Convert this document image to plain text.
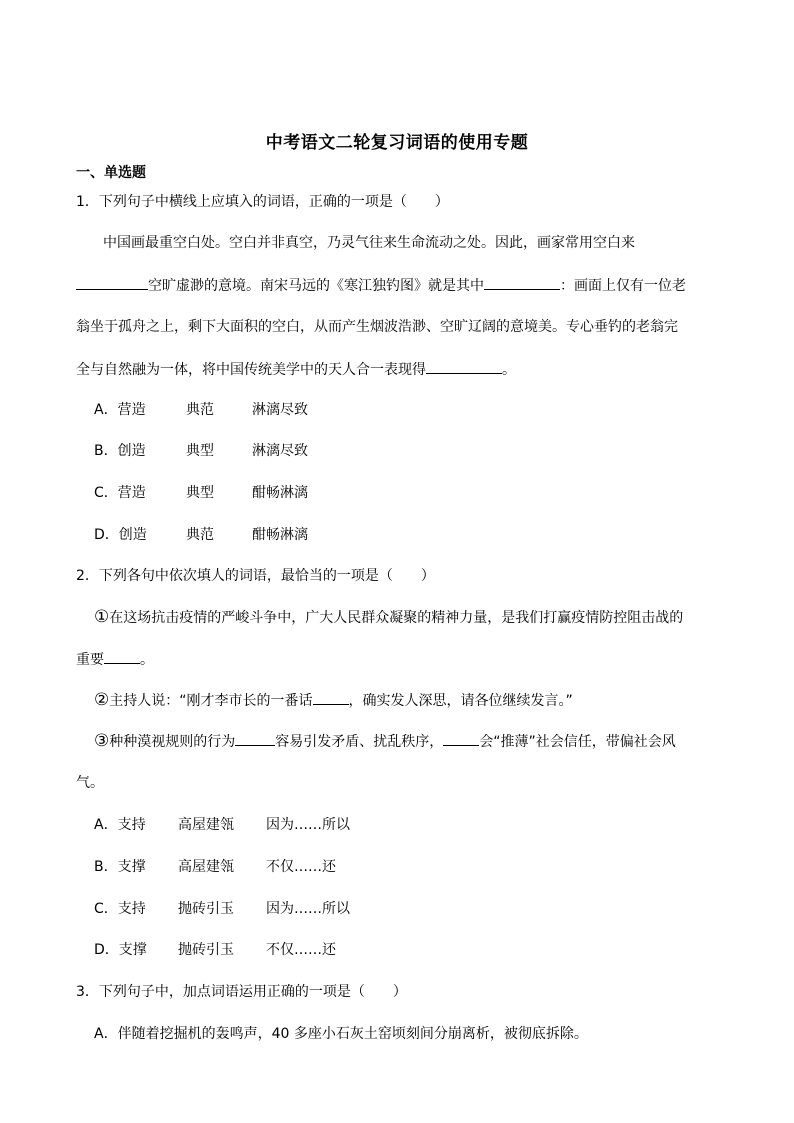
中考语文二轮复习词语的使用专题
一、单选题
1．下列句子中横线上应填入的词语，正确的一项是（　　）
中国画最重空白处。空白并非真空，乃灵气往来生命流动之处。因此，画家常用空白来
空旷虚渺的意境。南宋马远的《寒江独钓图》就是其中	：画面上仅有一位老
翁坐于孤舟之上，剩下大面积的空白，从而产生烟波浩渺、空旷辽阔的意境美。专心垂钓的老翁完
全与自然融为一体，将中国传统美学中的天人合一表现得	。
A．营造	典范	淋漓尽致
B．创造	典型	淋漓尽致
C．营造	典型	酣畅淋漓
D．创造	典范	酣畅淋漓
2．下列各句中依次填人的词语，最恰当的一项是（　　）
①在这场抗击疫情的严峻斗争中，广大人民群众凝聚的精神力量，是我们打赢疫情防控阻击战的
重要	。
②主持人说：“刚才李市长的一番话	，确实发人深思，请各位继续发言。”
③种种漠视规则的行为	容易引发矛盾、扰乱秩序，	会“推薄”社会信任，带偏社会风
气。
A．支持 高屋建瓴 因为……所以
B．支撑 高屋建瓴 不仅……还
C．支持 抛砖引玉 因为……所以
D．支撑 抛砖引玉 不仅……还
3．下列句子中，加点词语运用正确的一项是（　　）
A．伴随着挖掘机的轰鸣声，40 多座小石灰土窑顷刻间分崩离析，被彻底拆除。
